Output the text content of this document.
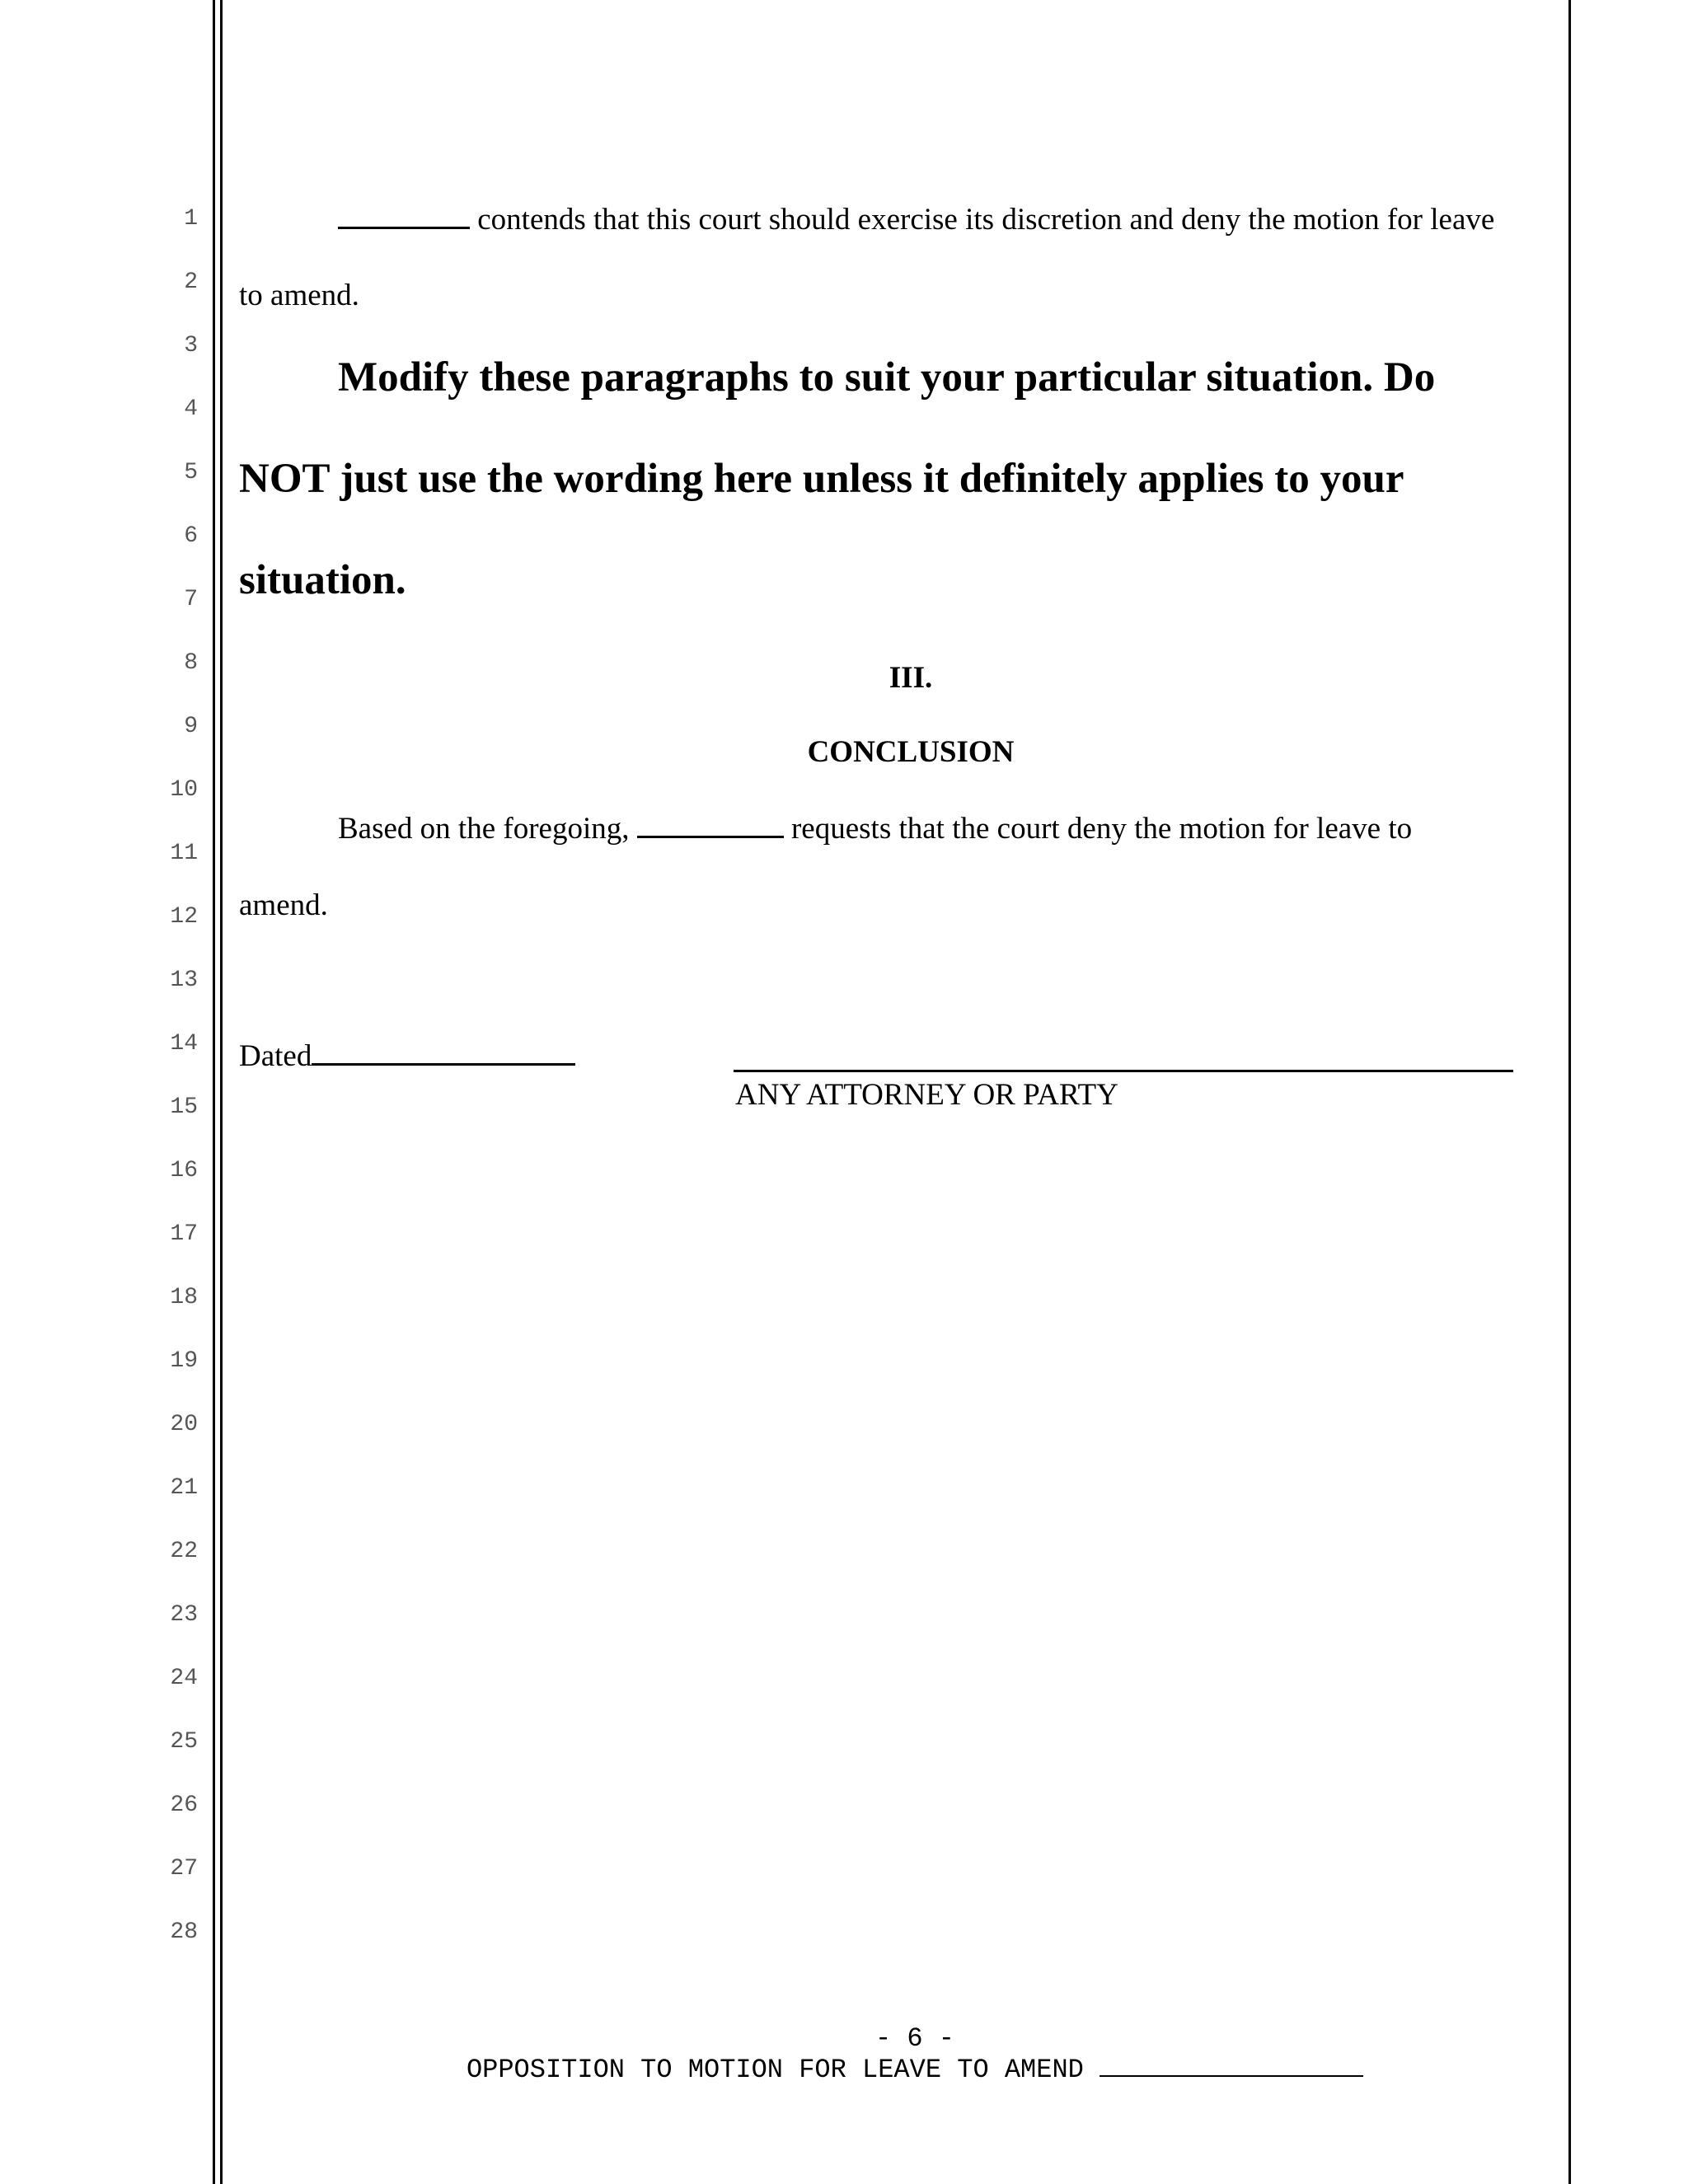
1
2
3
4
5
6
7
8
9
10
11
12
13
14
15
16
17
18
19
20
21
22
23
24
25
26
27
28
contends that this court should exercise its discretion and deny the motion for leave
to amend.
Modify these paragraphs to suit your particular situation. Do
NOT just use the wording here unless it definitely applies to your
situation.
III.
CONCLUSION
Based on the foregoing,	requests that the court deny the motion for leave to
amend.
Dated
ANY ATTORNEY OR PARTY
- 6 -
OPPOSITION TO MOTION FOR LEAVE TO AMEND
